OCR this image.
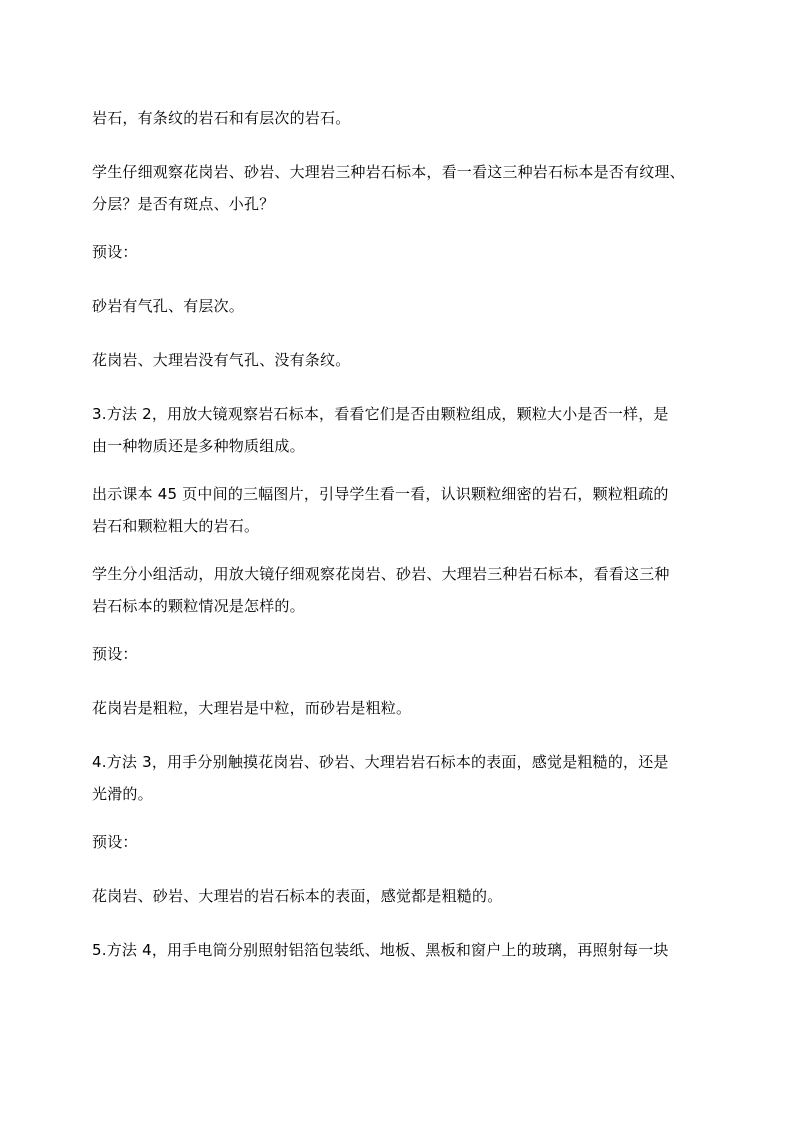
岩石，有条纹的岩石和有层次的岩石。

学生仔细观察花岗岩、砂岩、大理岩三种岩石标本，看一看这三种岩石标本是否有纹理、
分层？是否有斑点、小孔？

预设：

砂岩有气孔、有层次。

花岗岩、大理岩没有气孔、没有条纹。

3.方法 2，用放大镜观察岩石标本，看看它们是否由颗粒组成，颗粒大小是否一样，是
由一种物质还是多种物质组成。

出示课本 45 页中间的三幅图片，引导学生看一看，认识颗粒细密的岩石，颗粒粗疏的
岩石和颗粒粗大的岩石。

学生分小组活动，用放大镜仔细观察花岗岩、砂岩、大理岩三种岩石标本，看看这三种
岩石标本的颗粒情况是怎样的。

预设：

花岗岩是粗粒，大理岩是中粒，而砂岩是粗粒。

4.方法 3，用手分别触摸花岗岩、砂岩、大理岩岩石标本的表面，感觉是粗糙的，还是
光滑的。

预设：

花岗岩、砂岩、大理岩的岩石标本的表面，感觉都是粗糙的。

5.方法 4，用手电筒分别照射铝箔包装纸、地板、黑板和窗户上的玻璃，再照射每一块
